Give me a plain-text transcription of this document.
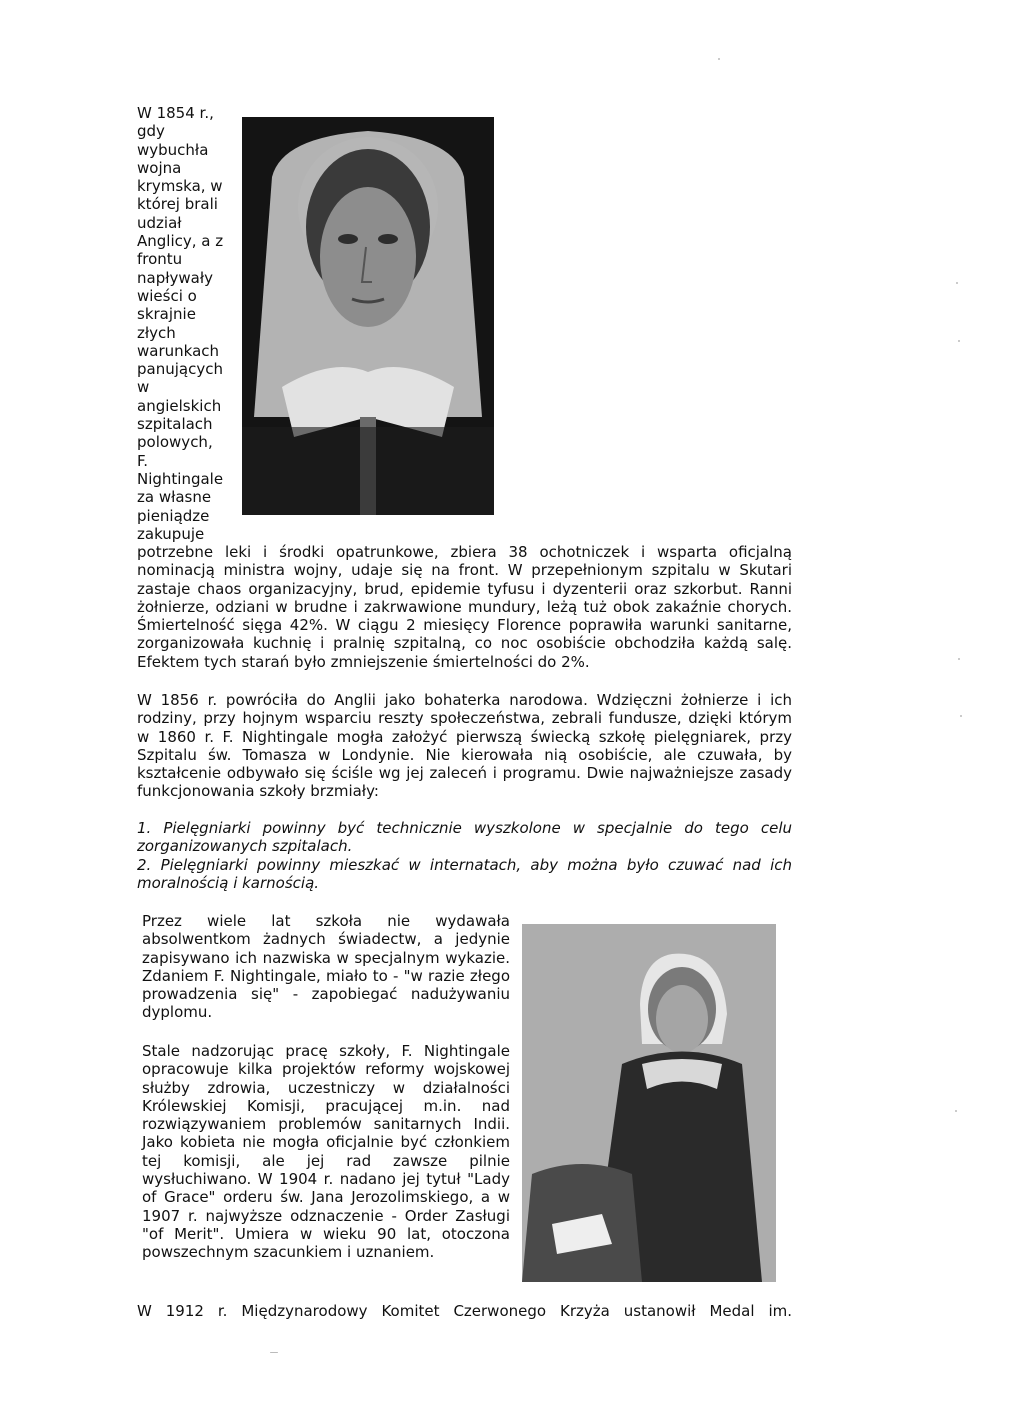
W 1854 r.,
gdy
wybuchła
wojna
krymska, w
której brali
udział
Anglicy, a z
frontu
napływały
wieści o
skrajnie
złych
warunkach
panujących
w
angielskich
szpitalach
polowych,
F.
Nightingale
za własne
pieniądze
zakupuje
potrzebne leki i środki opatrunkowe, zbiera 38 ochotniczek i wsparta oficjalną nominacją ministra wojny, udaje się na front. W przepełnionym szpitalu w Skutari zastaje chaos organizacyjny, brud, epidemie tyfusu i dyzenterii oraz szkorbut. Ranni żołnierze, odziani w brudne i zakrwawione mundury, leżą tuż obok zakaźnie chorych. Śmiertelność sięga 42%. W ciągu 2 miesięcy Florence poprawiła warunki sanitarne, zorganizowała kuchnię i pralnię szpitalną, co noc osobiście obchodziła każdą salę. Efektem tych starań było zmniejszenie śmiertelności do 2%.
W 1856 r. powróciła do Anglii jako bohaterka narodowa. Wdzięczni żołnierze i ich rodziny, przy hojnym wsparciu reszty społeczeństwa, zebrali fundusze, dzięki którym w 1860 r. F. Nightingale mogła założyć pierwszą świecką szkołę pielęgniarek, przy Szpitalu św. Tomasza w Londynie. Nie kierowała nią osobiście, ale czuwała, by kształcenie odbywało się ściśle wg jej zaleceń i programu. Dwie najważniejsze zasady funkcjonowania szkoły brzmiały:
1. Pielęgniarki powinny być technicznie wyszkolone w specjalnie do tego celu zorganizowanych szpitalach.
2. Pielęgniarki powinny mieszkać w internatach, aby można było czuwać nad ich moralnością i karnością.
Przez wiele lat szkoła nie wydawała absolwentkom żadnych świadectw, a jedynie zapisywano ich nazwiska w specjalnym wykazie. Zdaniem F. Nightingale, miało to - "w razie złego prowadzenia się" - zapobiegać nadużywaniu dyplomu.
Stale nadzorując pracę szkoły, F. Nightingale opracowuje kilka projektów reformy wojskowej służby zdrowia, uczestniczy w działalności Królewskiej Komisji, pracującej m.in. nad rozwiązywaniem problemów sanitarnych Indii. Jako kobieta nie mogła oficjalnie być członkiem tej komisji, ale jej rad zawsze pilnie wysłuchiwano. W 1904 r. nadano jej tytuł "Lady of Grace" orderu św. Jana Jerozolimskiego, a w 1907 r. najwyższe odznaczenie - Order Zasługi "of Merit". Umiera w wieku 90 lat, otoczona powszechnym szacunkiem i uznaniem.
W 1912 r. Międzynarodowy Komitet Czerwonego Krzyża ustanowił Medal im.
